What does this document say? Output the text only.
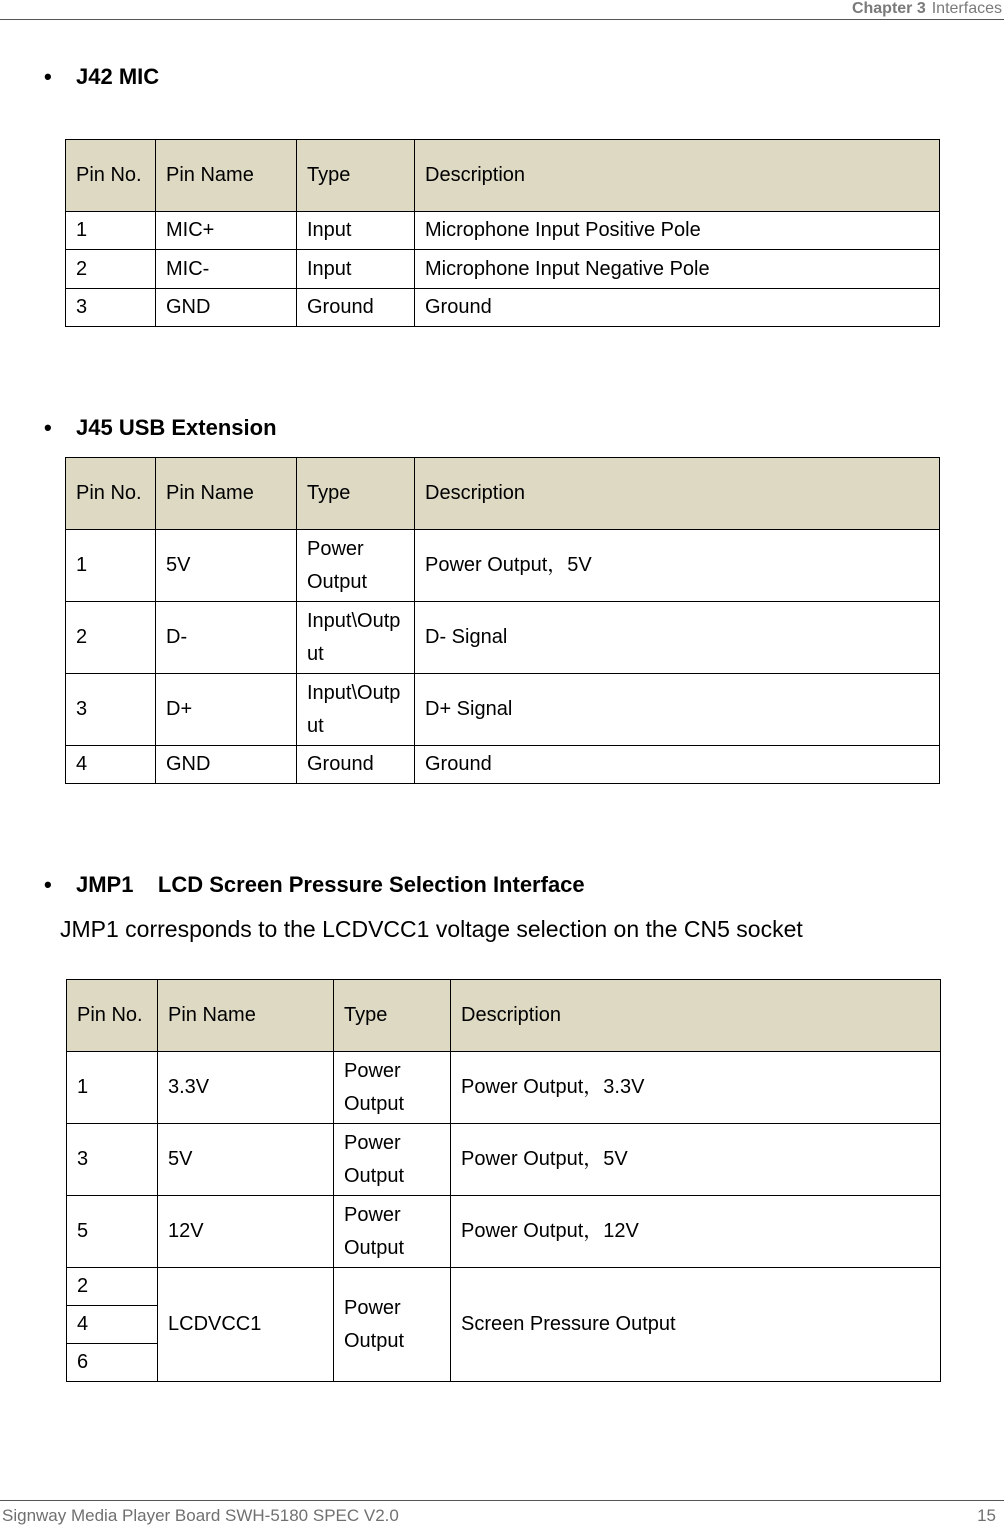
Chapter 3 Interfaces
• J42 MIC
Pin No.	Pin Name	Type	Description
1	MIC+	Input	Microphone Input Positive Pole
2	MIC-	Input	Microphone Input Negative Pole
3	GND	Ground	Ground
• J45 USB Extension
Pin No.	Pin Name	Type	Description
1	5V	Power Output	Power Output，5V
2	D-	Input\Output	D- Signal
3	D+	Input\Output	D+ Signal
4	GND	Ground	Ground
• JMP1    LCD Screen Pressure Selection Interface
JMP1 corresponds to the LCDVCC1 voltage selection on the CN5 socket
Pin No.	Pin Name	Type	Description
1	3.3V	Power Output	Power Output，3.3V
3	5V	Power Output	Power Output，5V
5	12V	Power Output	Power Output，12V
2	LCDVCC1	Power Output	Screen Pressure Output
4			
6			
Signway Media Player Board SWH-5180 SPEC V2.0	15
